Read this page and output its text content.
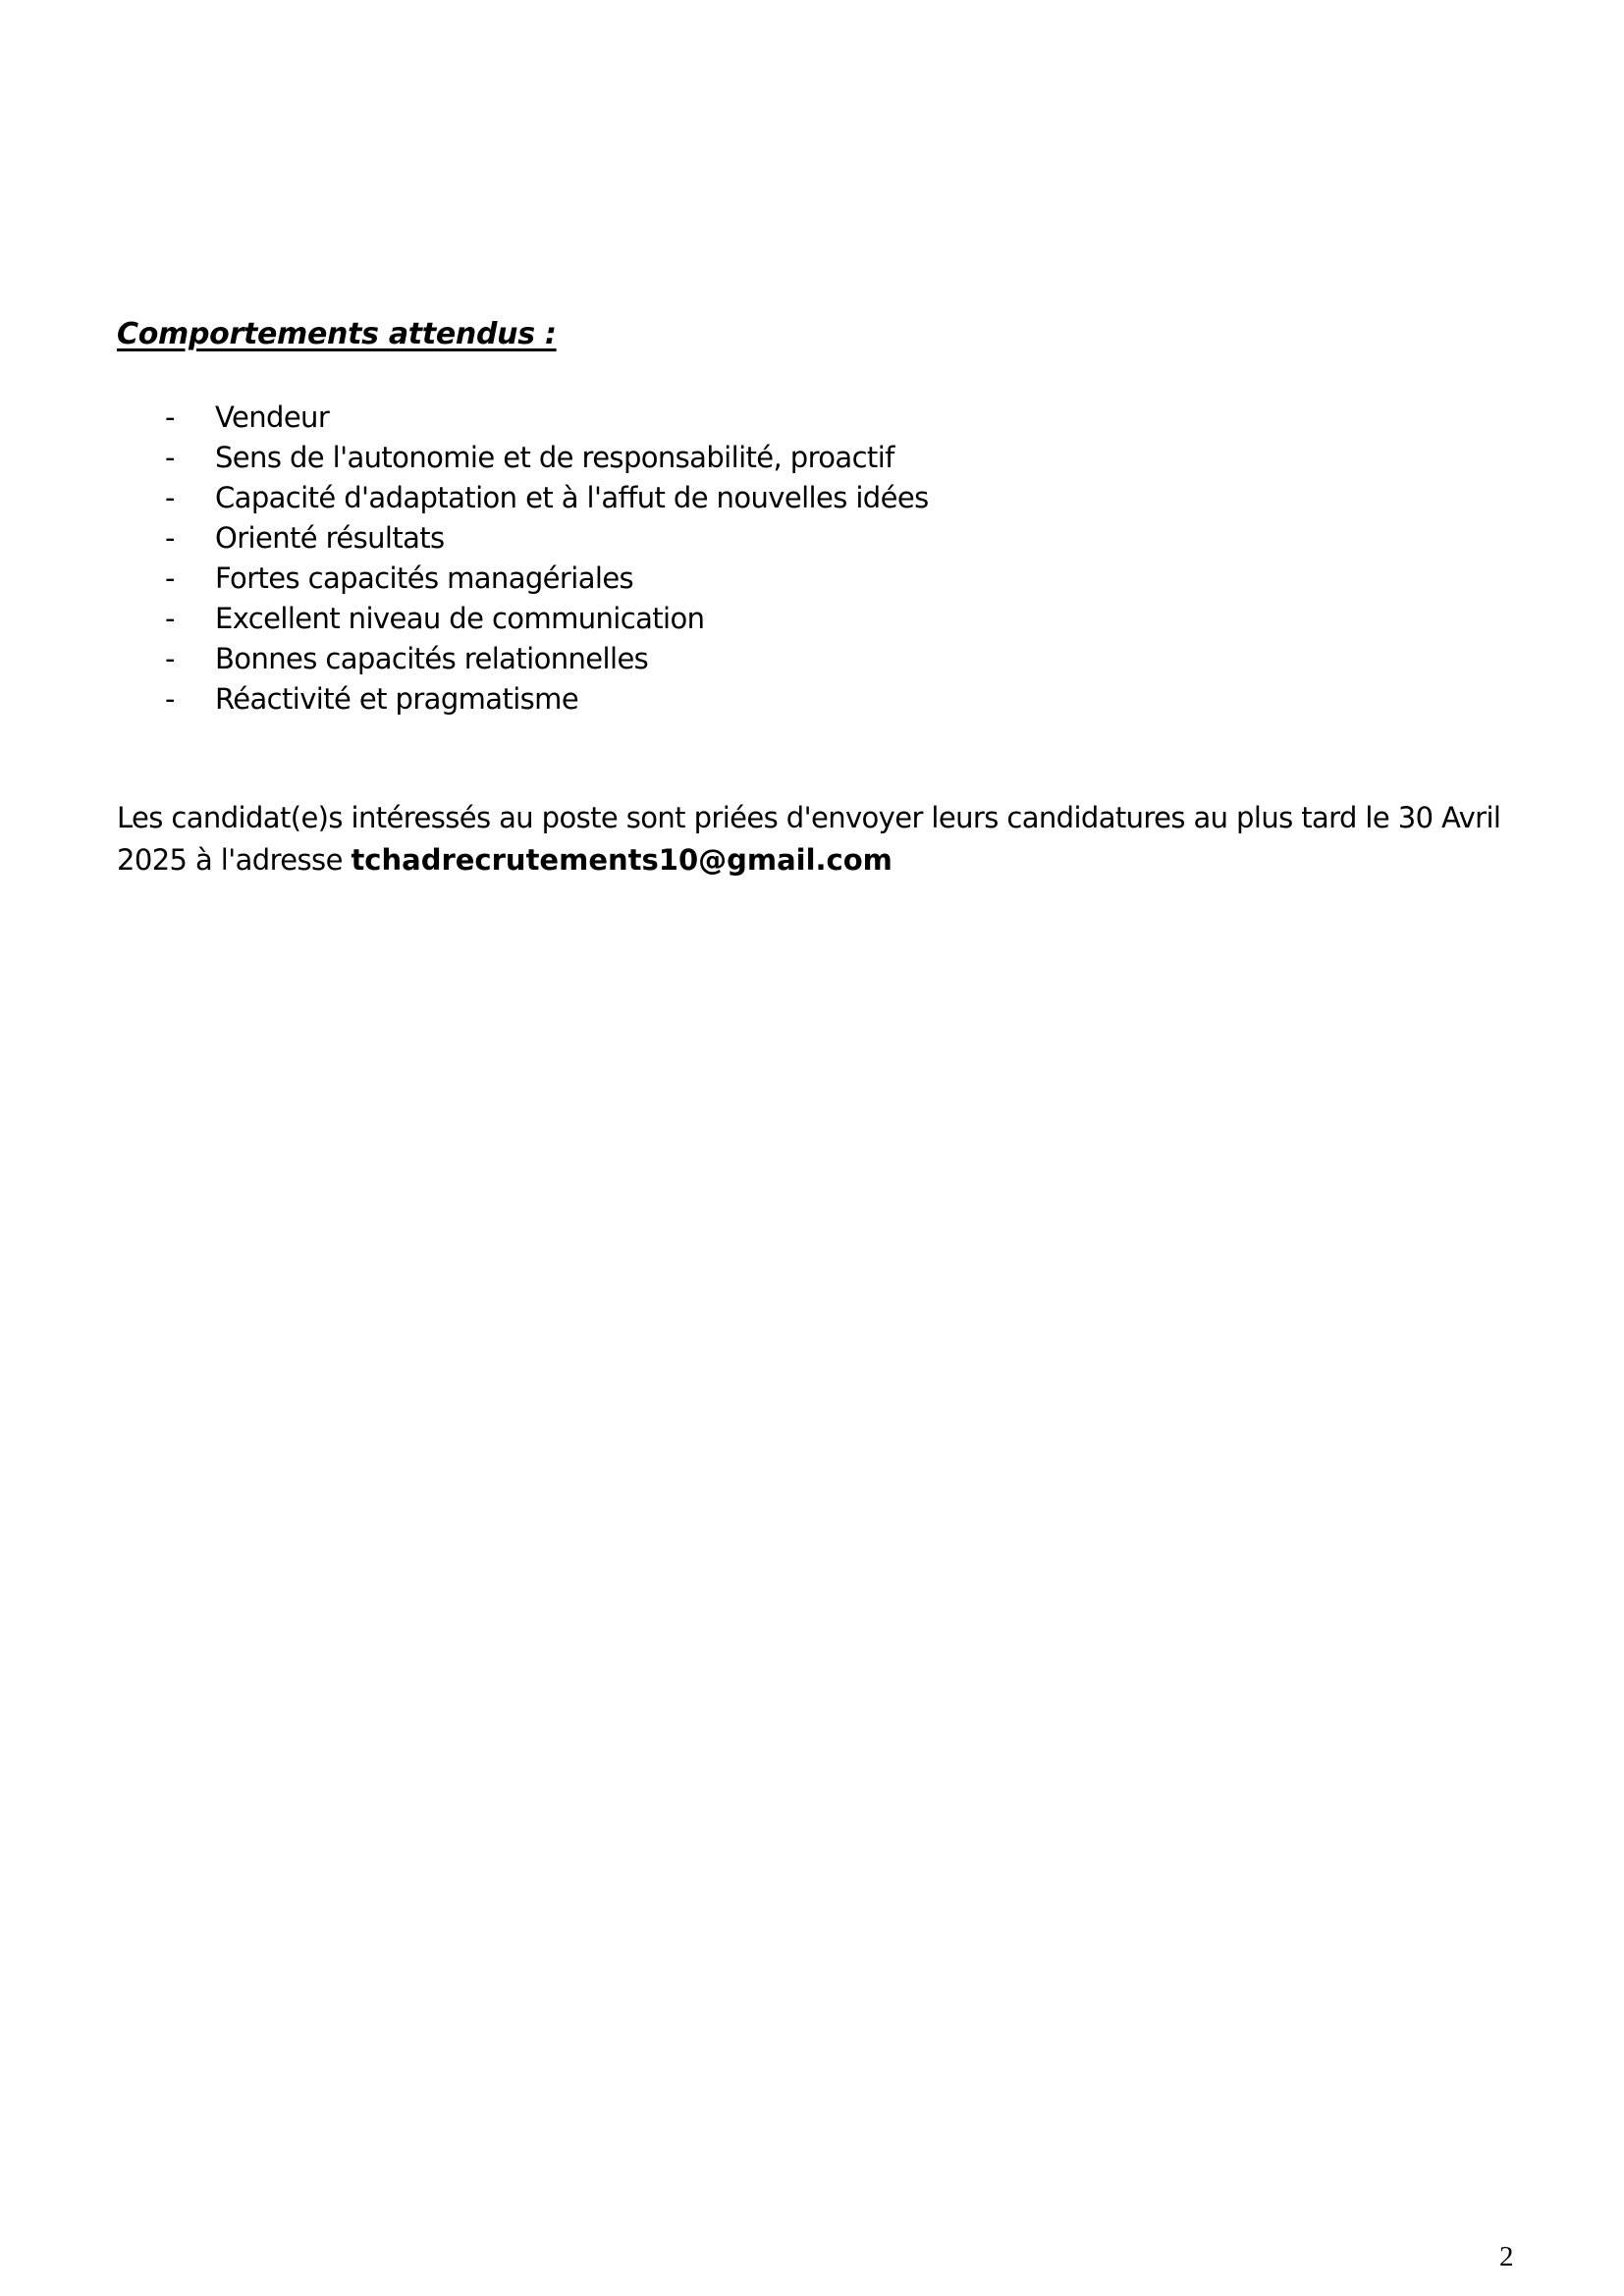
Comportements attendus :
-	Vendeur
-	Sens de l'autonomie et de responsabilité, proactif
-	Capacité d'adaptation et à l'affut de nouvelles idées
-	Orienté résultats
-	Fortes capacités managériales
-	Excellent niveau de communication
-	Bonnes capacités relationnelles
-	Réactivité et pragmatisme

Les candidat(e)s intéressés au poste sont priées d'envoyer leurs candidatures au plus tard le 30 Avril 2025 à l'adresse tchadrecrutements10@gmail.com

2
